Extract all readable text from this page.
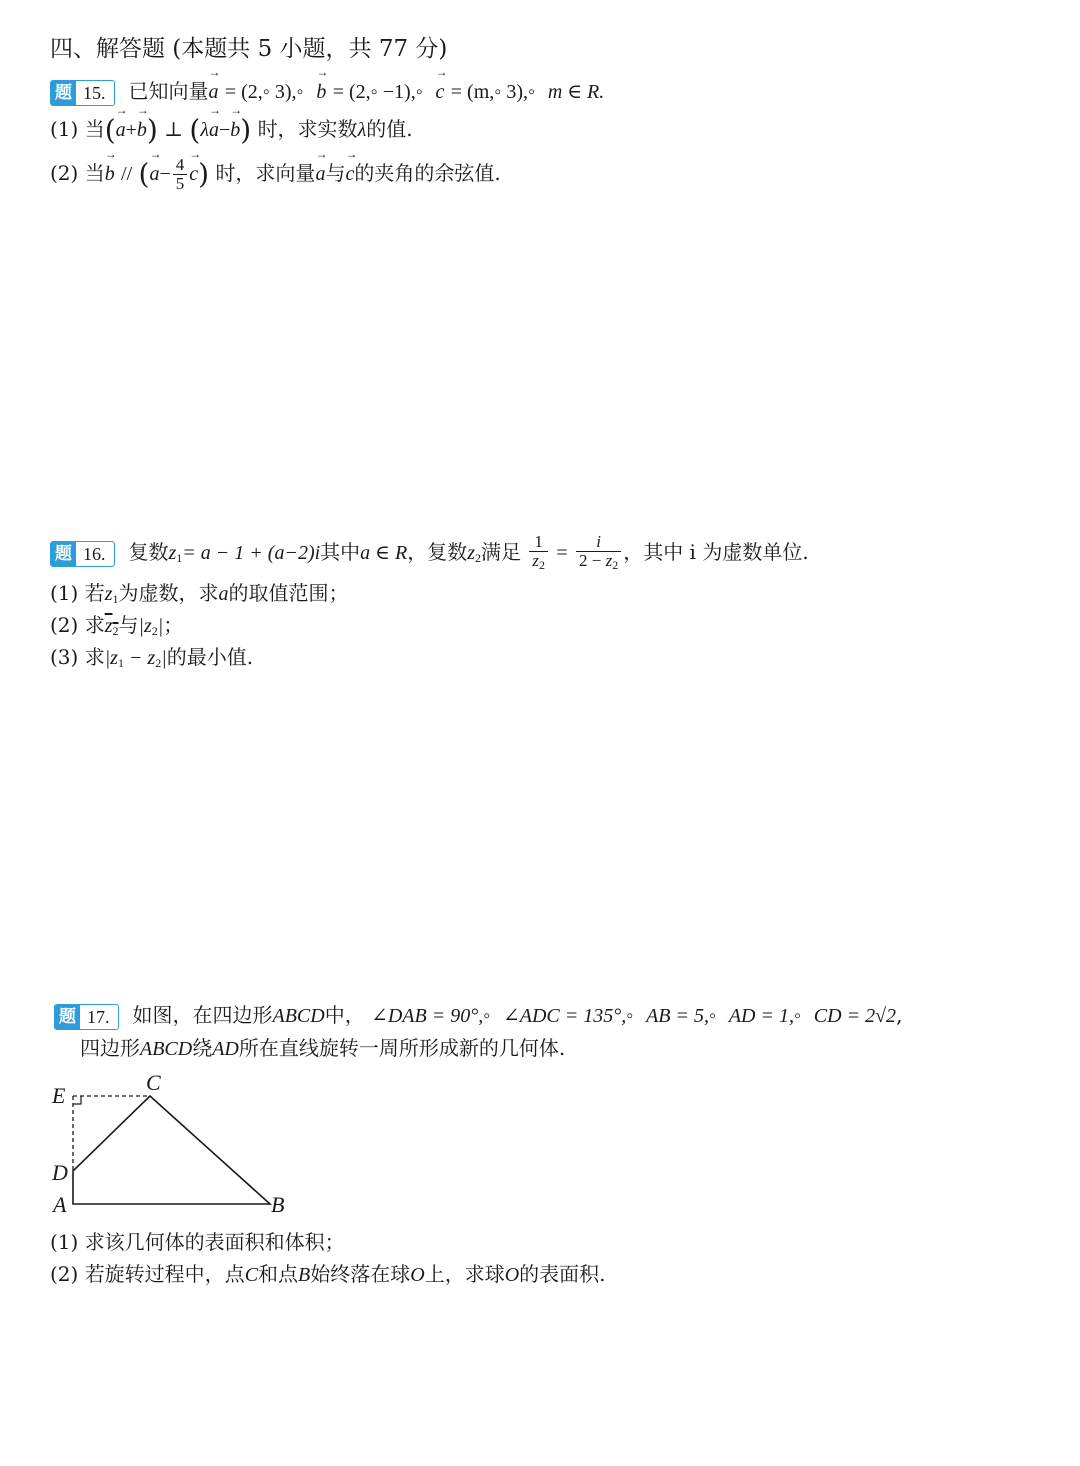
四、解答题 (本题共 5 小题，共 77 分)
题 15.	已知向量→ a = (2,◦ 3),◦ → b = (2,◦ −1),◦ → c = (m,◦ 3),◦ m ∈ R.
(1) 当(→ a+→ b) ⊥ (λ→ a−→ b) 时，求实数λ的值.
(2) 当→ b // (→ $a- \frac{4}{5} \to c$) 时，求向量→ a与→ c的夹角的余弦值.
题 16.	复数$z_1= a - 1 + (a-2)i$其中a ∈ R，复数$z_2$满足 $\frac{1}{z_2} = \frac{i}{2 - z_2}$ ，其中 i 为虚数单位.
(1) 若$z_1$为虚数，求a的取值范围；
(2) 求$z_2$与$|z_2|$；
(3) 求$|z_1 - z_2|$的最小值.
题 17.	如图，在四边形ABCD中， ∠DAB = 90°,◦ ∠ADC = 135°,◦ AB = 5,◦ AD = 1,◦ CD = 2√2,
四边形ABCD绕AD所在直线旋转一周所形成新的几何体.
E
C
D
A	B
(1) 求该几何体的表面积和体积；
(2) 若旋转过程中，点C和点B始终落在球O上，求球O的表面积.
